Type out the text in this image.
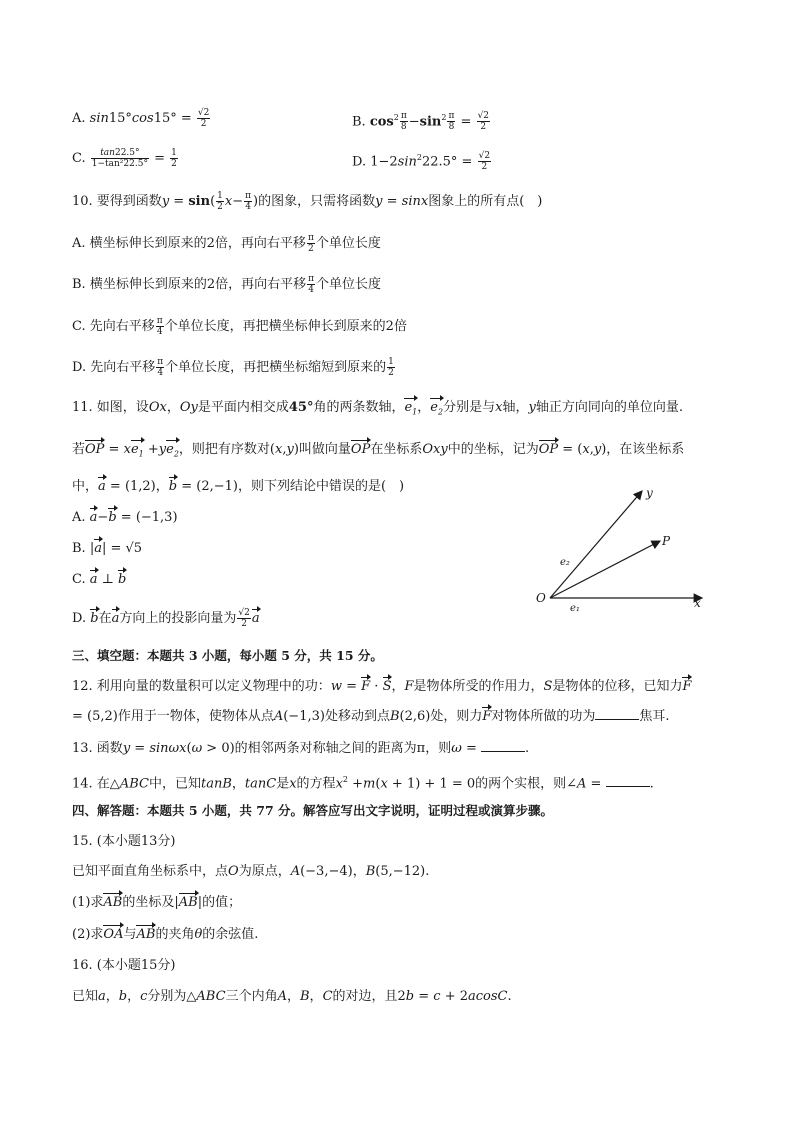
A. $\sin 15^\circ\cos 15^\circ = \frac{√2}{2}$	B. $\cos^2 \frac{\pi}{8} -\sin^2 \frac{\pi}{8} = \frac{√2}{2}$
C. $\frac{\tan 22.5^\circ}{\text{1−tan²22.5°}} = \frac{1}{2}$	D. $1-2\sin^222.5^\circ = \frac{√2}{2}$
10. 要得到函数$y = \sin( \frac{1}{2} x- \frac{\pi}{4}$ )的图象，只需将函数y = sinx图象上的所有点(　)
A. 横坐标伸长到原来的2倍，再向右平移 $\frac{\pi}{2}$ 个单位长度
B. 横坐标伸长到原来的2倍，再向右平移 $\frac{\pi}{4}$ 个单位长度
C. 先向右平移 $\frac{\pi}{4}$ 个单位长度，再把横坐标伸长到原来的2倍
D. 先向右平移 $\frac{\pi}{4}$ 个单位长度，再把横坐标缩短到原来的 $\frac{1}{2}$
11. 如图，设Ox，Oy是平面内相交成45°角的两条数轴，$e_1$，$e_2$分别是与x轴，y轴正方向同向的单位向量.
若OP = $xe_1 +ye_2$，则把有序数对(x,y)叫做向量OP在坐标系Oxy中的坐标，记为OP = (x,y)，在该坐标系
中，a = (1,2)，b = (2,−1)，则下列结论中错误的是(　)
A. a−b = (−1,3)
B. |a| = √5
C. a ⊥ b
D. b在a方向上的投影向量为 $\frac{√2}{2}$ a
O	x
y
P
e₁
e₂
三、填空题：本题共 3 小题，每小题 5 分，共 15 分。
12. 利用向量的数量积可以定义物理中的功：w = F · S，F是物体所受的作用力，S是物体的位移，已知力F
= (5,2)作用于一物体，使物体从点A(−1,3)处移动到点B(2,6)处，则力F对物体所做的功为	焦耳.
13. 函数y = sinωx(ω > 0)的相邻两条对称轴之间的距离为π，则ω =	.
14. 在△ABC中，已知tanB，tanC是x的方程$x^2 +m(x + 1) + 1 = 0$的两个实根，则∠A =	.
四、解答题：本题共 5 小题，共 77 分。解答应写出文字说明，证明过程或演算步骤。
15. (本小题13分)
已知平面直角坐标系中，点O为原点，A(−3,−4)，B(5,−12).
(1)求AB的坐标及|AB|的值；
(2)求OA与AB的夹角θ的余弦值.
16. (本小题15分)
已知a，b，c分别为△ABC三个内角A，B，C的对边，且2b = c + 2acosC.
